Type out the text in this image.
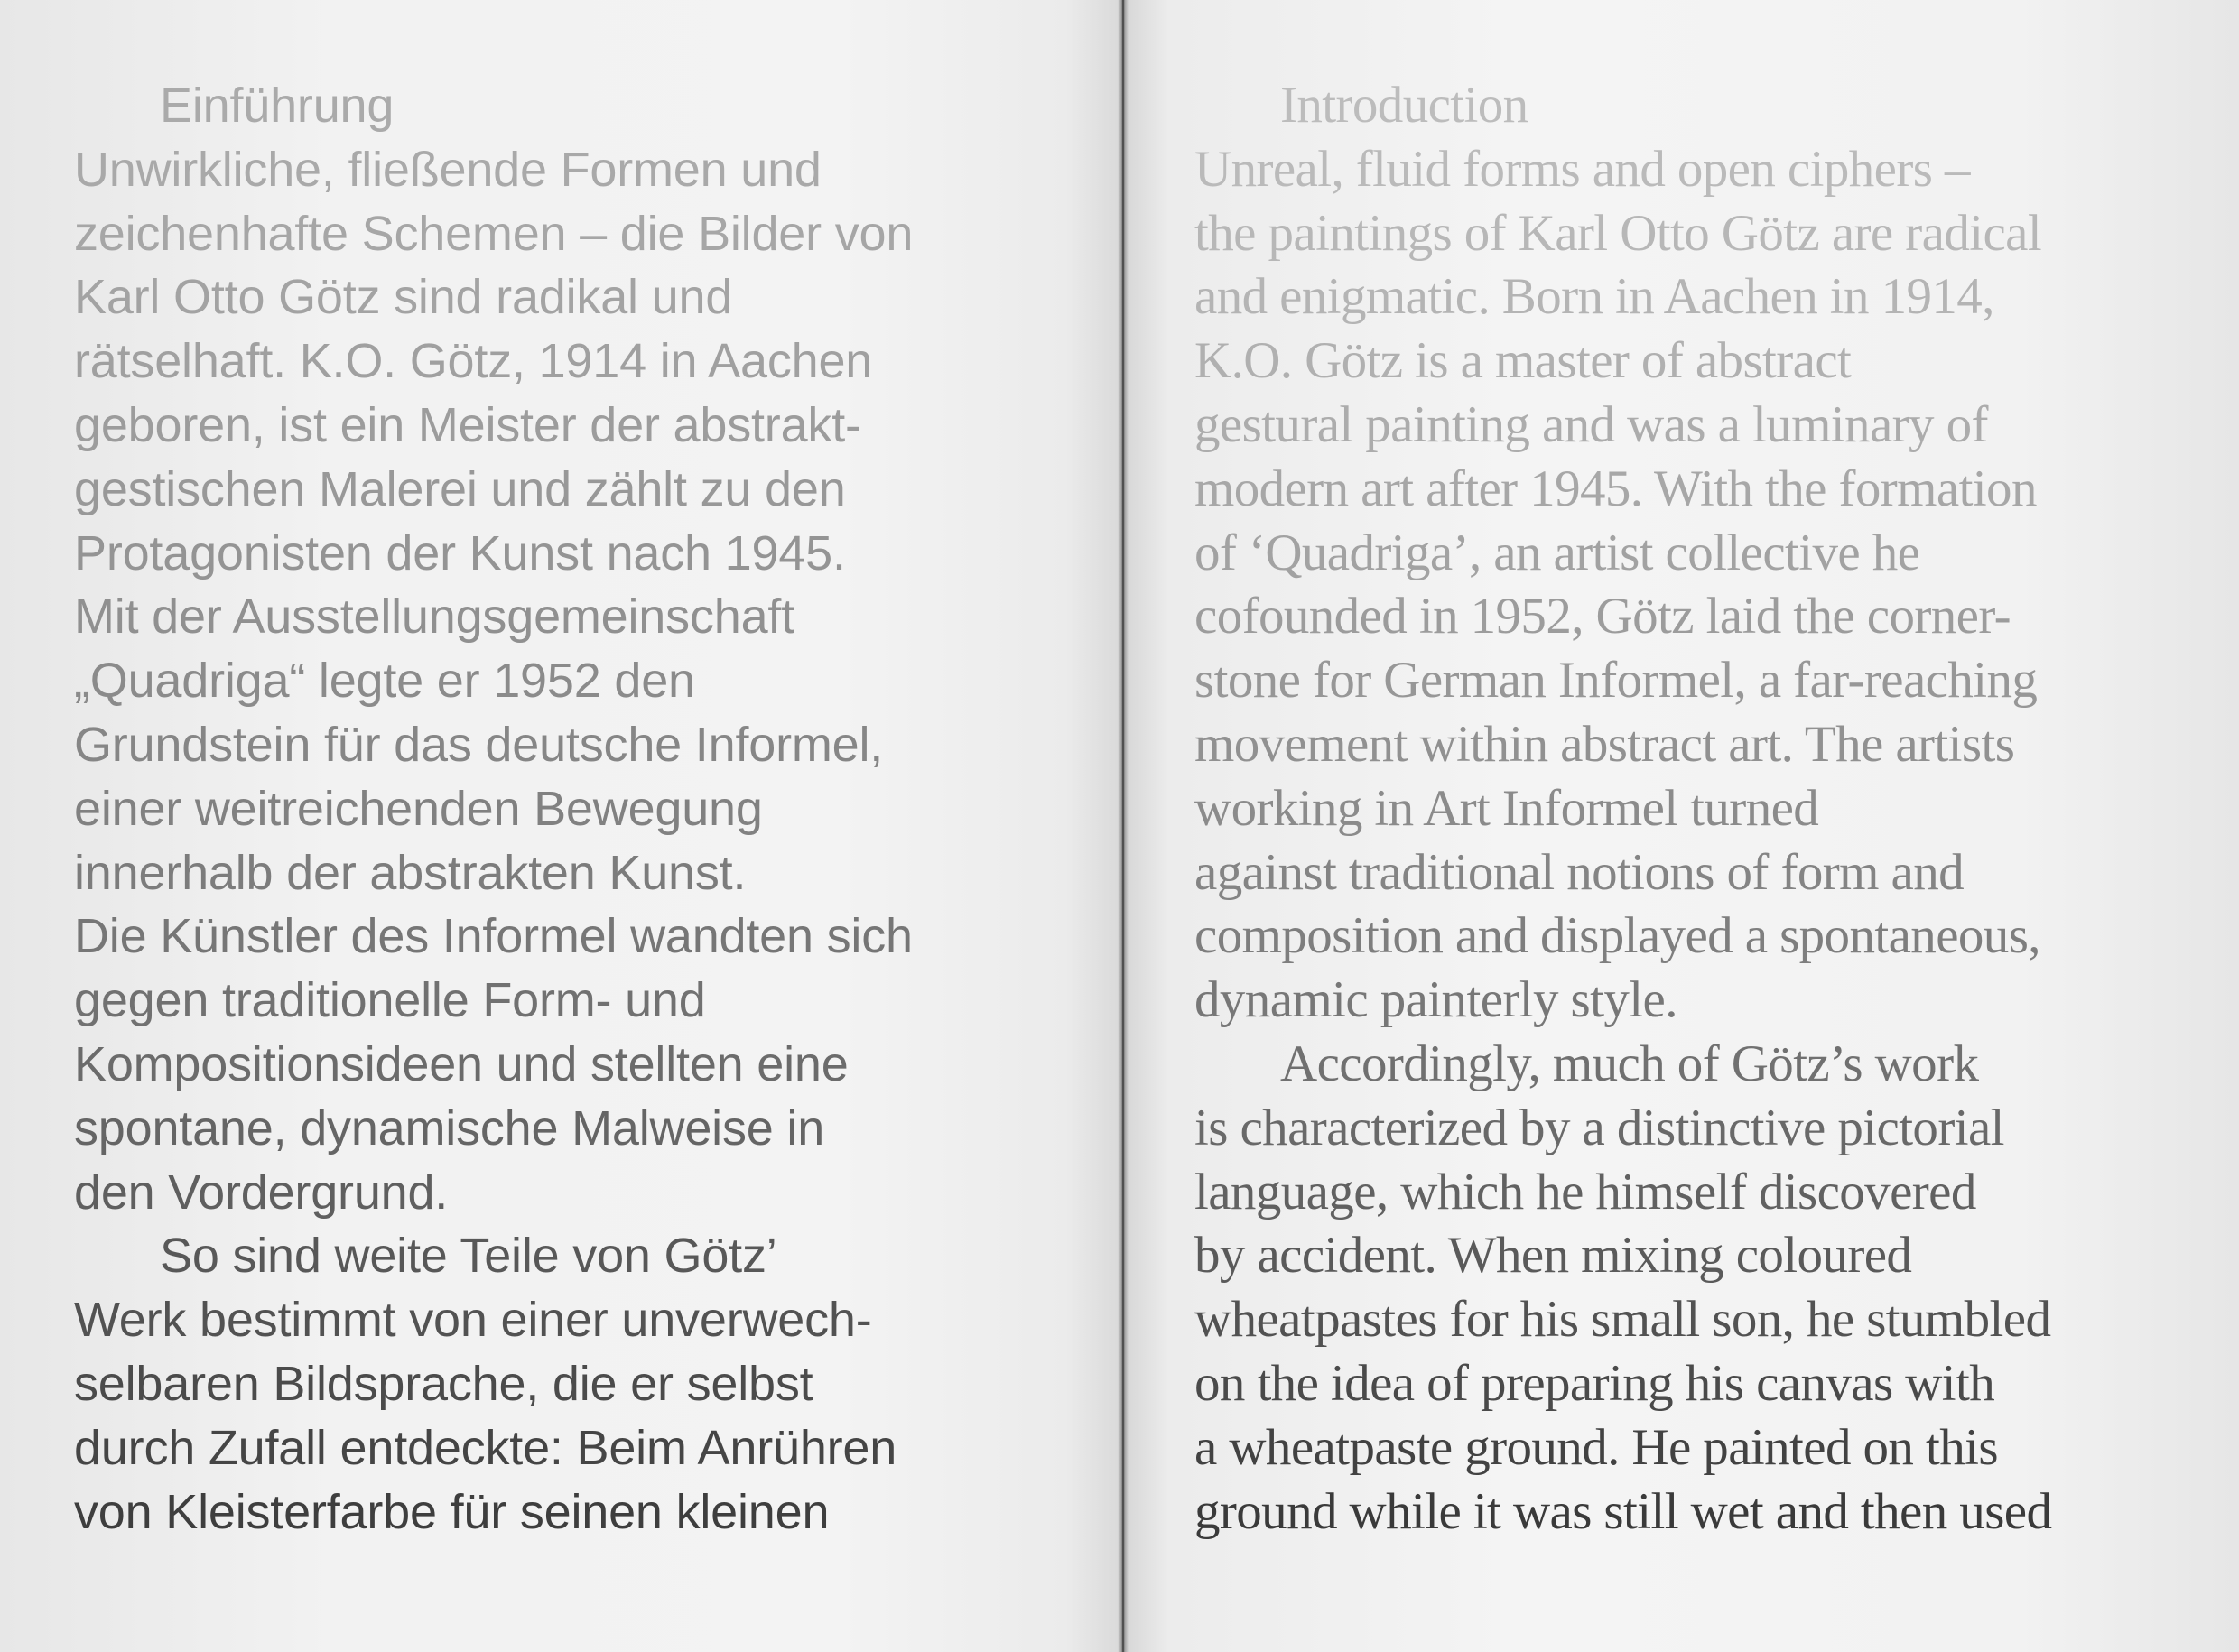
Einführung
Unwirkliche, fließende Formen und
zeichenhafte Schemen – die Bilder von
Karl Otto Götz sind radikal und
rätselhaft. K.O. Götz, 1914 in Aachen
geboren, ist ein Meister der abstrakt-
gestischen Malerei und zählt zu den
Protagonisten der Kunst nach 1945.
Mit der Ausstellungsgemeinschaft
„Quadriga“ legte er 1952 den
Grundstein für das deutsche Informel,
einer weitreichenden Bewegung
innerhalb der abstrakten Kunst.
Die Künstler des Informel wandten sich
gegen traditionelle Form- und
Kompositionsideen und stellten eine
spontane, dynamische Malweise in
den Vordergrund.
So sind weite Teile von Götz’
Werk bestimmt von einer unverwech-
selbaren Bildsprache, die er selbst
durch Zufall entdeckte: Beim Anrühren
von Kleisterfarbe für seinen kleinen
Introduction
Unreal, fluid forms and open ciphers –
the paintings of Karl Otto Götz are radical
and enigmatic. Born in Aachen in 1914,
K.O. Götz is a master of abstract
gestural painting and was a luminary of
modern art after 1945. With the formation
of ‘Quadriga’, an artist collective he
cofounded in 1952, Götz laid the corner-
stone for German Informel, a far-reaching
movement within abstract art. The artists
working in Art Informel turned
against traditional notions of form and
composition and displayed a spontaneous,
dynamic painterly style.
Accordingly, much of Götz’s work
is characterized by a distinctive pictorial
language, which he himself discovered
by accident. When mixing coloured
wheatpastes for his small son, he stumbled
on the idea of preparing his canvas with
a wheatpaste ground. He painted on this
ground while it was still wet and then used
